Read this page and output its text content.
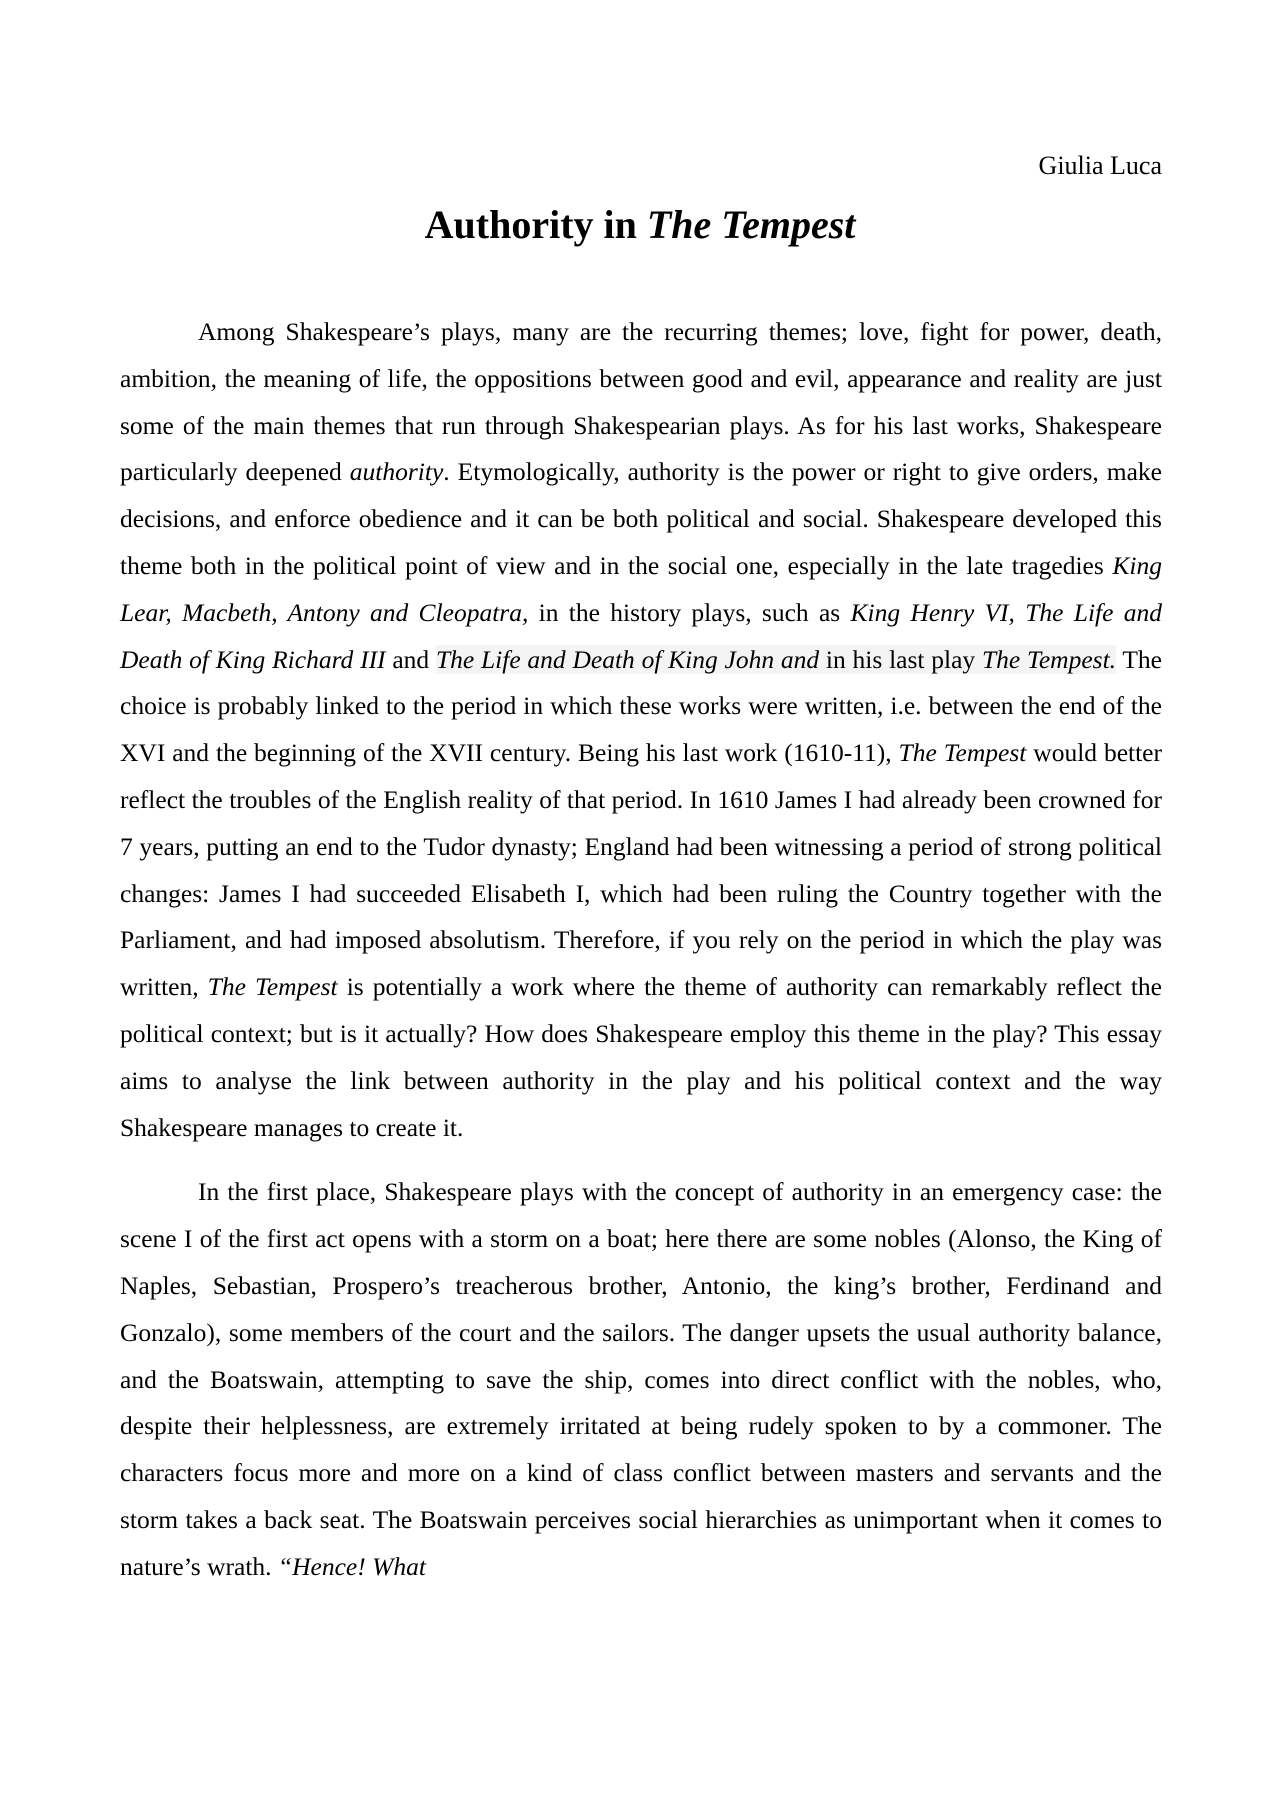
Giulia Luca
Authority in The Tempest

Among Shakespeare’s plays, many are the recurring themes; love, fight for power, death, ambition, the meaning of life, the oppositions between good and evil, appearance and reality are just some of the main themes that run through Shakespearian plays. As for his last works, Shakespeare particularly deepened authority. Etymologically, authority is the power or right to give orders, make decisions, and enforce obedience and it can be both political and social. Shakespeare developed this theme both in the political point of view and in the social one, especially in the late tragedies King Lear, Macbeth, Antony and Cleopatra, in the history plays, such as King Henry VI, The Life and Death of King Richard III and The Life and Death of King John and in his last play The Tempest. The choice is probably linked to the period in which these works were written, i.e. between the end of the XVI and the beginning of the XVII century. Being his last work (1610-11), The Tempest would better reflect the troubles of the English reality of that period. In 1610 James I had already been crowned for 7 years, putting an end to the Tudor dynasty; England had been witnessing a period of strong political changes: James I had succeeded Elisabeth I, which had been ruling the Country together with the Parliament, and had imposed absolutism. Therefore, if you rely on the period in which the play was written, The Tempest is potentially a work where the theme of authority can remarkably reflect the political context; but is it actually? How does Shakespeare employ this theme in the play? This essay aims to analyse the link between authority in the play and his political context and the way Shakespeare manages to create it.

In the first place, Shakespeare plays with the concept of authority in an emergency case: the scene I of the first act opens with a storm on a boat; here there are some nobles (Alonso, the King of Naples, Sebastian, Prospero’s treacherous brother, Antonio, the king’s brother, Ferdinand and Gonzalo), some members of the court and the sailors. The danger upsets the usual authority balance, and the Boatswain, attempting to save the ship, comes into direct conflict with the nobles, who, despite their helplessness, are extremely irritated at being rudely spoken to by a commoner. The characters focus more and more on a kind of class conflict between masters and servants and the storm takes a back seat. The Boatswain perceives social hierarchies as unimportant when it comes to nature’s wrath. “Hence! What
